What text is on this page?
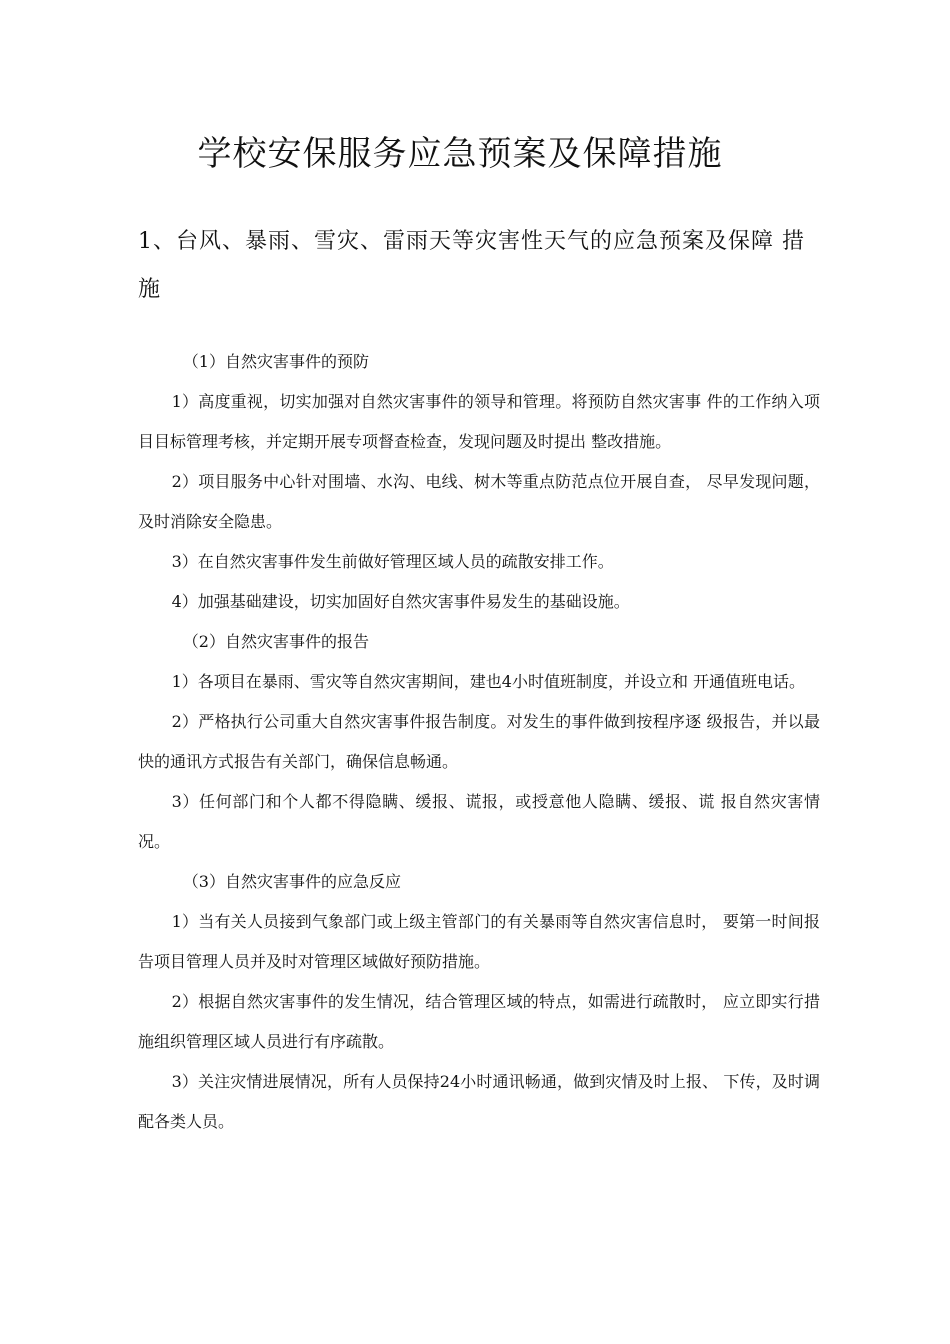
学校安保服务应急预案及保障措施
1、台风、暴雨、雪灾、雷雨天等灾害性天气的应急预案及保障 措施

（1）自然灾害事件的预防

1）高度重视，切实加强对自然灾害事件的领导和管理。将预防自然灾害事 件的工作纳入项目目标管理考核，并定期开展专项督查检查，发现问题及时提出 整改措施。

2）项目服务中心针对围墙、水沟、电线、树木等重点防范点位开展自查， 尽早发现问题，及时消除安全隐患。

3）在自然灾害事件发生前做好管理区域人员的疏散安排工作。

4）加强基础建设，切实加固好自然灾害事件易发生的基础设施。

（2）自然灾害事件的报告

1）各项目在暴雨、雪灾等自然灾害期间，建也4小时值班制度，并设立和 开通值班电话。

2）严格执行公司重大自然灾害事件报告制度。对发生的事件做到按程序逐 级报告，并以最快的通讯方式报告有关部门，确保信息畅通。

3）任何部门和个人都不得隐瞒、缓报、谎报，或授意他人隐瞒、缓报、谎 报自然灾害情况。

（3）自然灾害事件的应急反应

1）当有关人员接到气象部门或上级主管部门的有关暴雨等自然灾害信息时， 要第一时间报告项目管理人员并及时对管理区域做好预防措施。

2）根据自然灾害事件的发生情况，结合管理区域的特点，如需进行疏散时， 应立即实行措施组织管理区域人员进行有序疏散。

3）关注灾情进展情况，所有人员保持24小时通讯畅通，做到灾情及时上报、 下传，及时调配各类人员。
